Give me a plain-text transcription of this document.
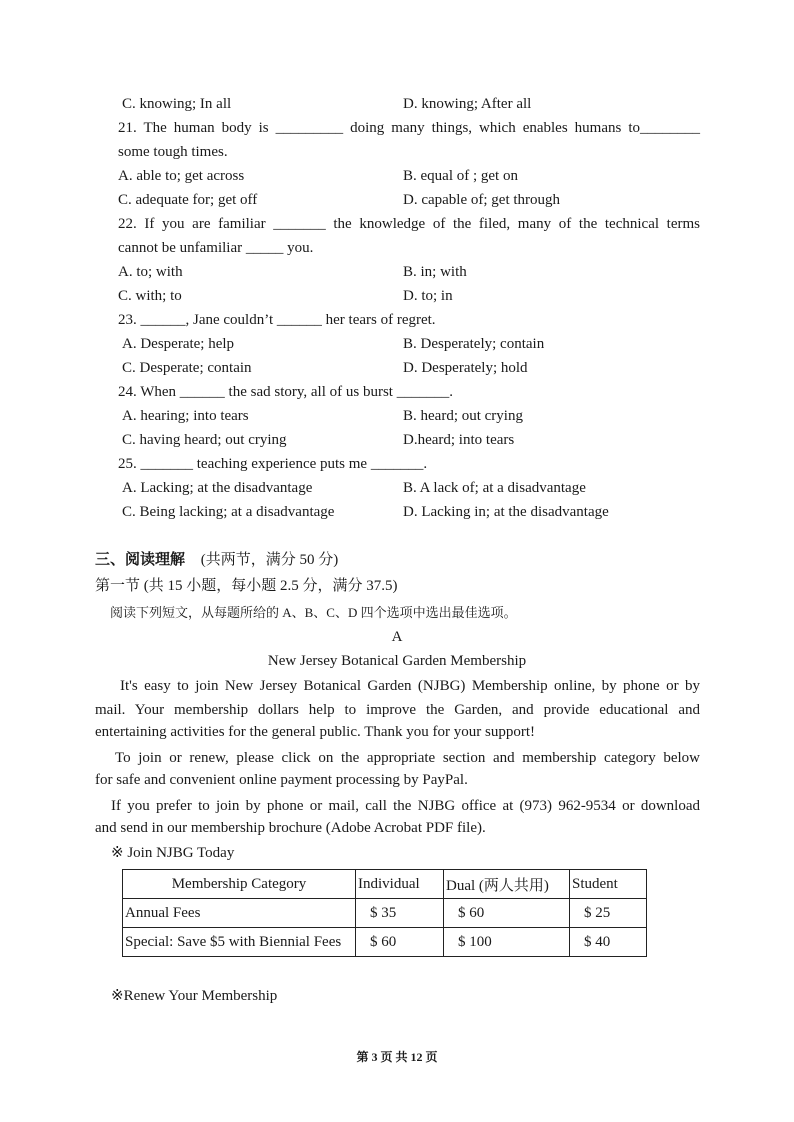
C. knowing; In all	D. knowing; After all
21. The human body is _________ doing many things, which enables humans to________
some tough times.
A. able to; get across	B. equal of ; get on
C. adequate for; get off	D. capable of; get through
22. If you are familiar _______ the knowledge of the filed, many of the technical terms
cannot be unfamiliar _____ you.
A. to; with	B. in; with
C. with; to	D. to; in
23. ______, Jane couldn’t ______ her tears of regret.
A. Desperate; help	B. Desperately; contain
C. Desperate; contain	D. Desperately; hold
24. When ______ the sad story, all of us burst _______.
A. hearing; into tears	B. heard; out crying
C. having heard; out crying	D.heard; into tears
25. _______ teaching experience puts me _______.
A. Lacking; at the disadvantage	B. A lack of; at a disadvantage
C. Being lacking; at a disadvantage	D. Lacking in; at the disadvantage
三、阅读理解 (共两节，满分 50 分)
第一节 (共 15 小题，每小题 2.5 分，满分 37.5)
阅读下列短文，从每题所给的 A、B、C、D 四个选项中选出最佳选项。
A
New Jersey Botanical Garden Membership
It's easy to join New Jersey Botanical Garden (NJBG) Membership online, by phone or by
mail. Your membership dollars help to improve the Garden, and provide educational and
entertaining activities for the general public. Thank you for your support!
To join or renew, please click on the appropriate section and membership category below
for safe and convenient online payment processing by PayPal.
If you prefer to join by phone or mail, call the NJBG office at (973) 962-9534 or download
and send in our membership brochure (Adobe Acrobat PDF file).
※ Join NJBG Today
Membership Category	Individual	Dual (两人共用)	Student
Annual Fees	$ 35	$ 60	$ 25
Special: Save $5 with Biennial Fees	$ 60	$ 100	$ 40
※Renew Your Membership
第 3 页 共 12 页
